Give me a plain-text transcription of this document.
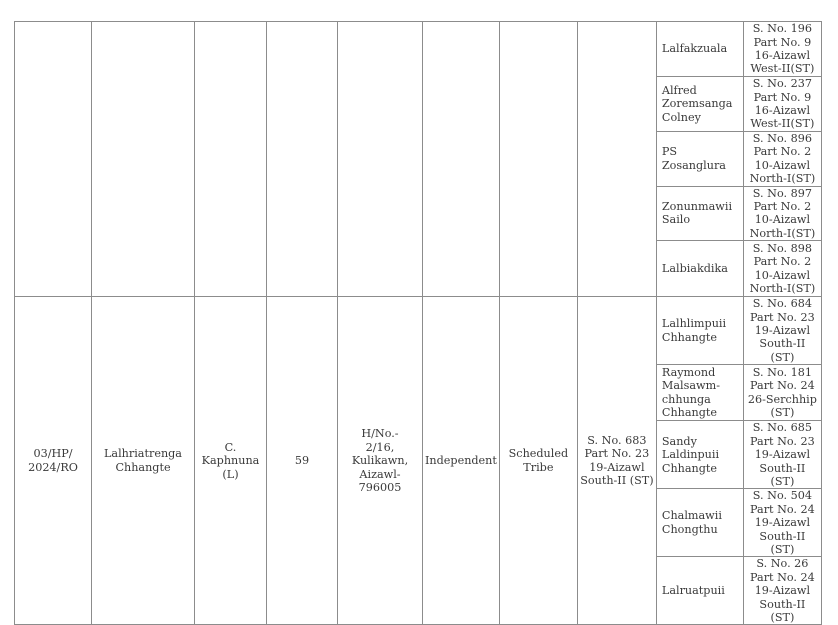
								Lalfakzuala	S. No. 196
Part No. 9
16-Aizawl
West-II(ST)
								Alfred
Zoremsanga
Colney	S. No. 237
Part No. 9
16-Aizawl
West-II(ST)
								PS
Zosanglura	S. No. 896
Part No. 2
10-Aizawl
North-I(ST)
								Zonunmawii
Sailo	S. No. 897
Part No. 2
10-Aizawl
North-I(ST)
								Lalbiakdika	S. No. 898
Part No. 2
10-Aizawl
North-I(ST)
03/HP/
2024/RO	Lalhriatrenga
Chhangte	C.
Kaphnuna
(L)	59	H/No.-
2/16,
Kulikawn,
Aizawl-
796005	Independent	Scheduled
Tribe	S. No. 683
Part No. 23
19-Aizawl
South-II (ST)	Lalhlimpuii
Chhangte	S. No. 684
Part No. 23
19-Aizawl
South-II (ST)
								Raymond
Malsawm-
chhunga
Chhangte	S. No. 181
Part No. 24
26-Serchhip
(ST)
								Sandy
Laldinpuii
Chhangte	S. No. 685
Part No. 23
19-Aizawl
South-II (ST)
								Chalmawii
Chongthu	S. No. 504
Part No. 24
19-Aizawl
South-II (ST)
								Lalruatpuii	S. No. 26
Part No. 24
19-Aizawl
South-II (ST)
